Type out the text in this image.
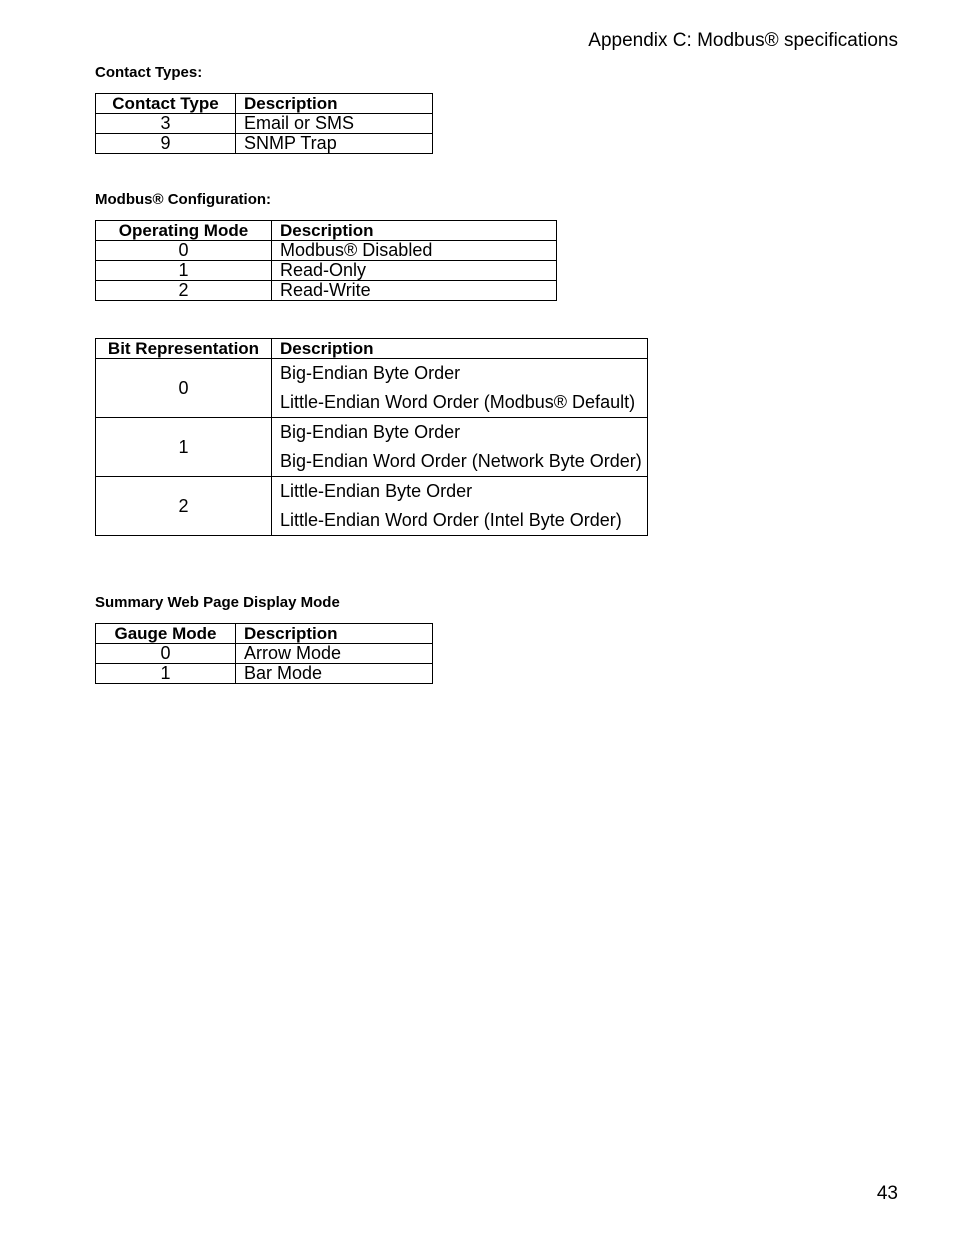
Appendix C: Modbus® specifications
Contact Types:
Contact Type	Description
3	Email or SMS
9	SNMP Trap
Modbus® Configuration:
Operating Mode	Description
0	Modbus® Disabled
1	Read-Only
2	Read-Write
Bit Representation	Description
0	Big-Endian Byte Order
Little-Endian Word Order (Modbus® Default)

1	Big-Endian Byte Order
Big-Endian Word Order (Network Byte Order)

2	Little-Endian Byte Order
Little-Endian Word Order (Intel Byte Order)
Summary Web Page Display Mode
Gauge Mode	Description
0	Arrow Mode
1	Bar Mode
43
